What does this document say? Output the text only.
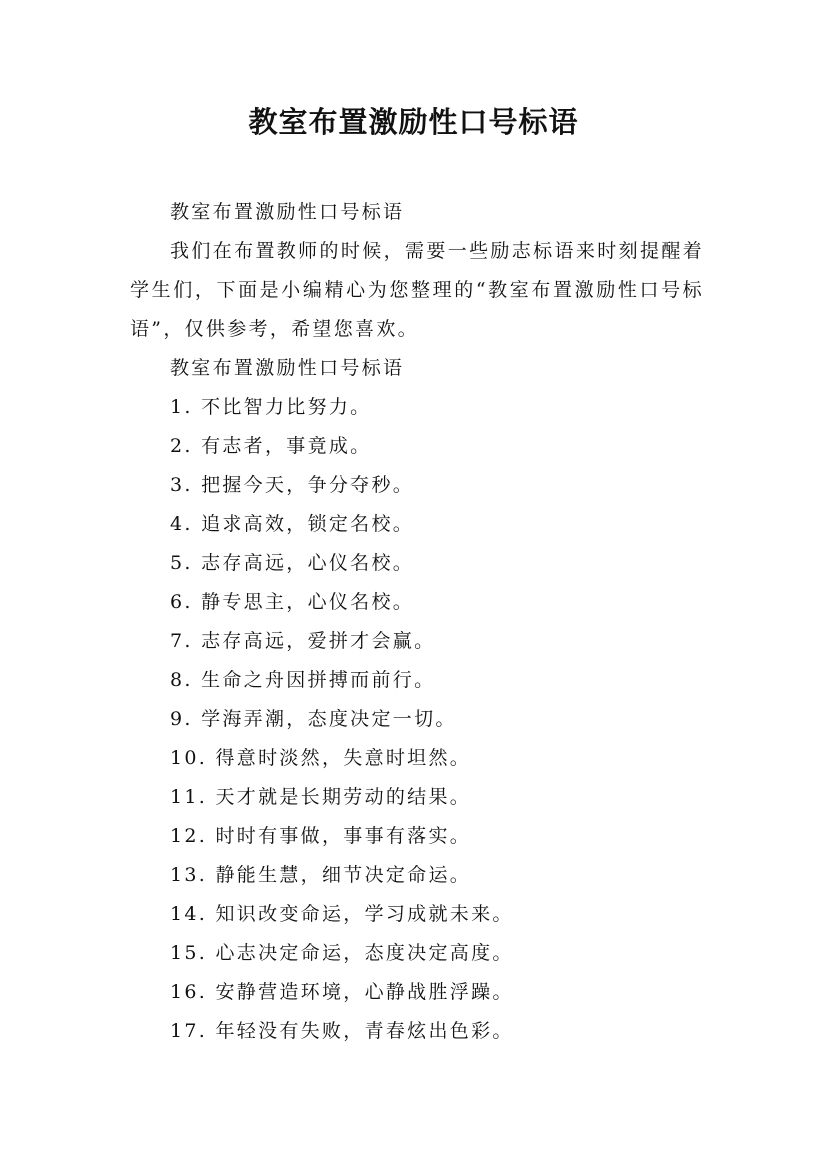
教室布置激励性口号标语

教室布置激励性口号标语

我们在布置教师的时候，需要一些励志标语来时刻提醒着学生们，下面是小编精心为您整理的“教室布置激励性口号标语”，仅供参考，希望您喜欢。

教室布置激励性口号标语

1. 不比智力比努力。
2. 有志者，事竟成。
3. 把握今天，争分夺秒。
4. 追求高效，锁定名校。
5. 志存高远，心仪名校。
6. 静专思主，心仪名校。
7. 志存高远，爱拼才会赢。
8. 生命之舟因拼搏而前行。
9. 学海弄潮，态度决定一切。
10. 得意时淡然，失意时坦然。
11. 天才就是长期劳动的结果。
12. 时时有事做，事事有落实。
13. 静能生慧，细节决定命运。
14. 知识改变命运，学习成就未来。
15. 心志决定命运，态度决定高度。
16. 安静营造环境，心静战胜浮躁。
17. 年轻没有失败，青春炫出色彩。
